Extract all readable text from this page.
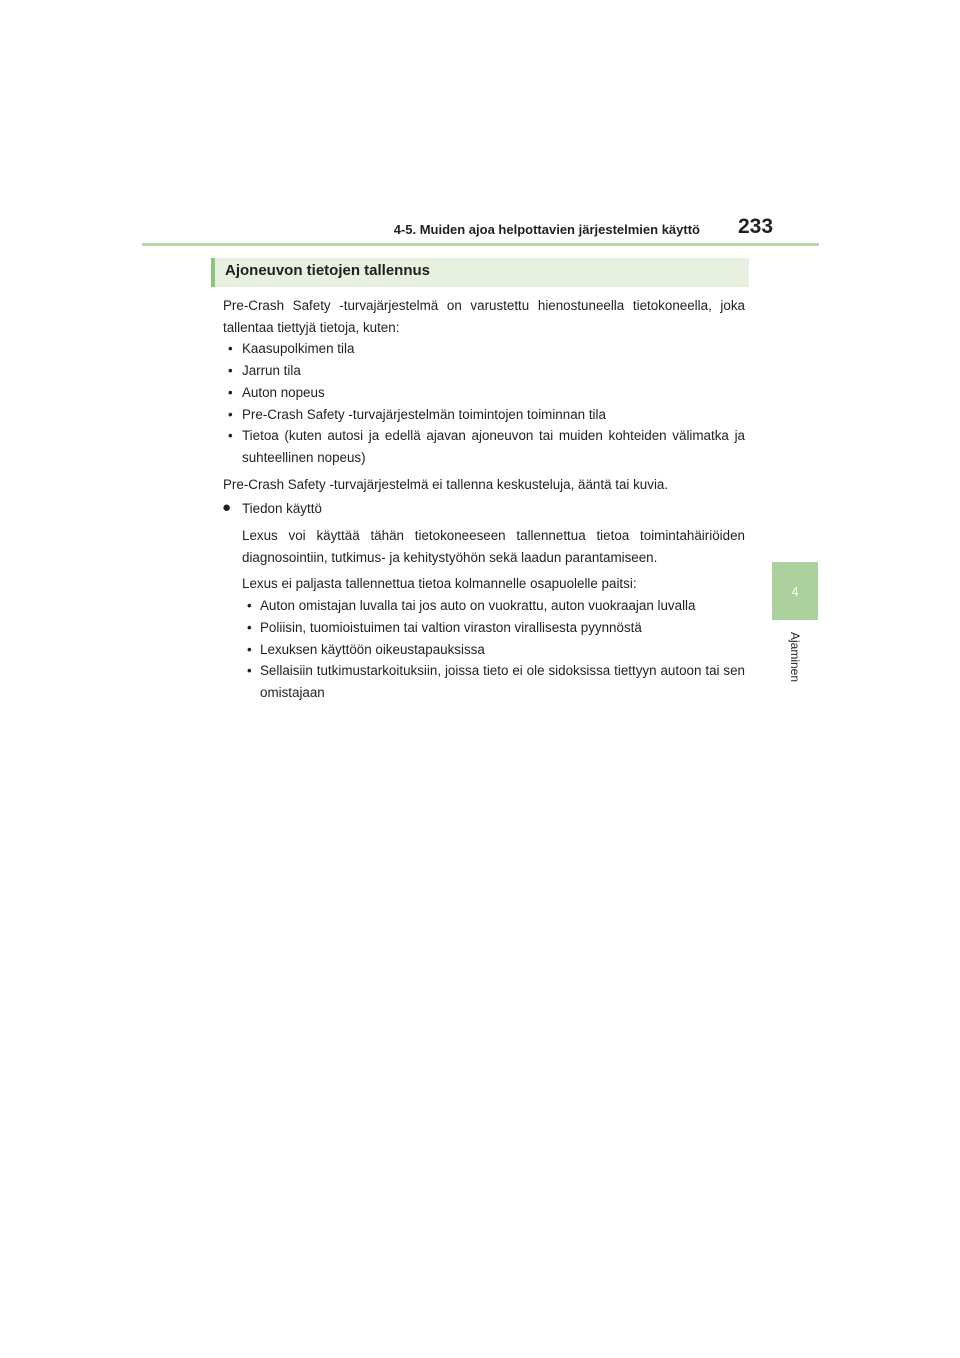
4-5. Muiden ajoa helpottavien järjestelmien käyttö 233
4
Ajaminen
Ajoneuvon tietojen tallennus

Pre-Crash Safety -turvajärjestelmä on varustettu hienostuneella tietokoneella, joka tallentaa tiettyjä tietoja, kuten:

• Kaasupolkimen tila
• Jarrun tila
• Auton nopeus
• Pre-Crash Safety -turvajärjestelmän toimintojen toiminnan tila
• Tietoa (kuten autosi ja edellä ajavan ajoneuvon tai muiden kohteiden välimatka ja suhteellinen nopeus)

Pre-Crash Safety -turvajärjestelmä ei tallenna keskusteluja, ääntä tai kuvia.

● Tiedon käyttö

Lexus voi käyttää tähän tietokoneeseen tallennettua tietoa toimintahäiriöiden diagnosointiin, tutkimus- ja kehitystyöhön sekä laadun parantamiseen.

Lexus ei paljasta tallennettua tietoa kolmannelle osapuolelle paitsi:

• Auton omistajan luvalla tai jos auto on vuokrattu, auton vuokraajan luvalla
• Poliisin, tuomioistuimen tai valtion viraston virallisesta pyynnöstä
• Lexuksen käyttöön oikeustapauksissa
• Sellaisiin tutkimustarkoituksiin, joissa tieto ei ole sidoksissa tiettyyn autoon tai sen omistajaan
